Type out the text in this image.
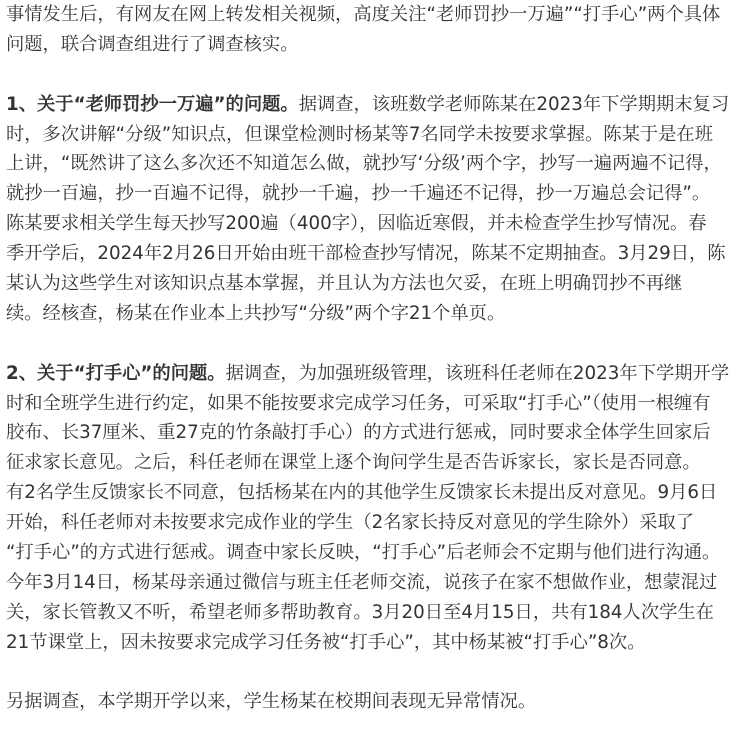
事情发生后，有网友在网上转发相关视频，高度关注“老师罚抄一万遍”“打手心”两个具体
问题，联合调查组进行了调查核实。
1、关于“老师罚抄一万遍”的问题。据调查，该班数学老师陈某在2023年下学期期末复习
时，多次讲解“分级”知识点，但课堂检测时杨某等7名同学未按要求掌握。陈某于是在班
上讲，“既然讲了这么多次还不知道怎么做，就抄写‘分级’两个字，抄写一遍两遍不记得，
就抄一百遍，抄一百遍不记得，就抄一千遍，抄一千遍还不记得，抄一万遍总会记得”。
陈某要求相关学生每天抄写200遍（400字），因临近寒假，并未检查学生抄写情况。春
季开学后，2024年2月26日开始由班干部检查抄写情况，陈某不定期抽查。3月29日，陈
某认为这些学生对该知识点基本掌握，并且认为方法也欠妥，在班上明确罚抄不再继
续。经核查，杨某在作业本上共抄写“分级”两个字21个单页。
2、关于“打手心”的问题。据调查，为加强班级管理，该班科任老师在2023年下学期开学
时和全班学生进行约定，如果不能按要求完成学习任务，可采取“打手心”（使用一根缠有
胶布、长37厘米、重27克的竹条敲打手心）的方式进行惩戒，同时要求全体学生回家后
征求家长意见。之后，科任老师在课堂上逐个询问学生是否告诉家长，家长是否同意。
有2名学生反馈家长不同意，包括杨某在内的其他学生反馈家长未提出反对意见。9月6日
开始，科任老师对未按要求完成作业的学生（2名家长持反对意见的学生除外）采取了
“打手心”的方式进行惩戒。调查中家长反映，“打手心”后老师会不定期与他们进行沟通。
今年3月14日，杨某母亲通过微信与班主任老师交流，说孩子在家不想做作业，想蒙混过
关，家长管教又不听，希望老师多帮助教育。3月20日至4月15日，共有184人次学生在
21节课堂上，因未按要求完成学习任务被“打手心”，其中杨某被“打手心”8次。
另据调查，本学期开学以来，学生杨某在校期间表现无异常情况。
